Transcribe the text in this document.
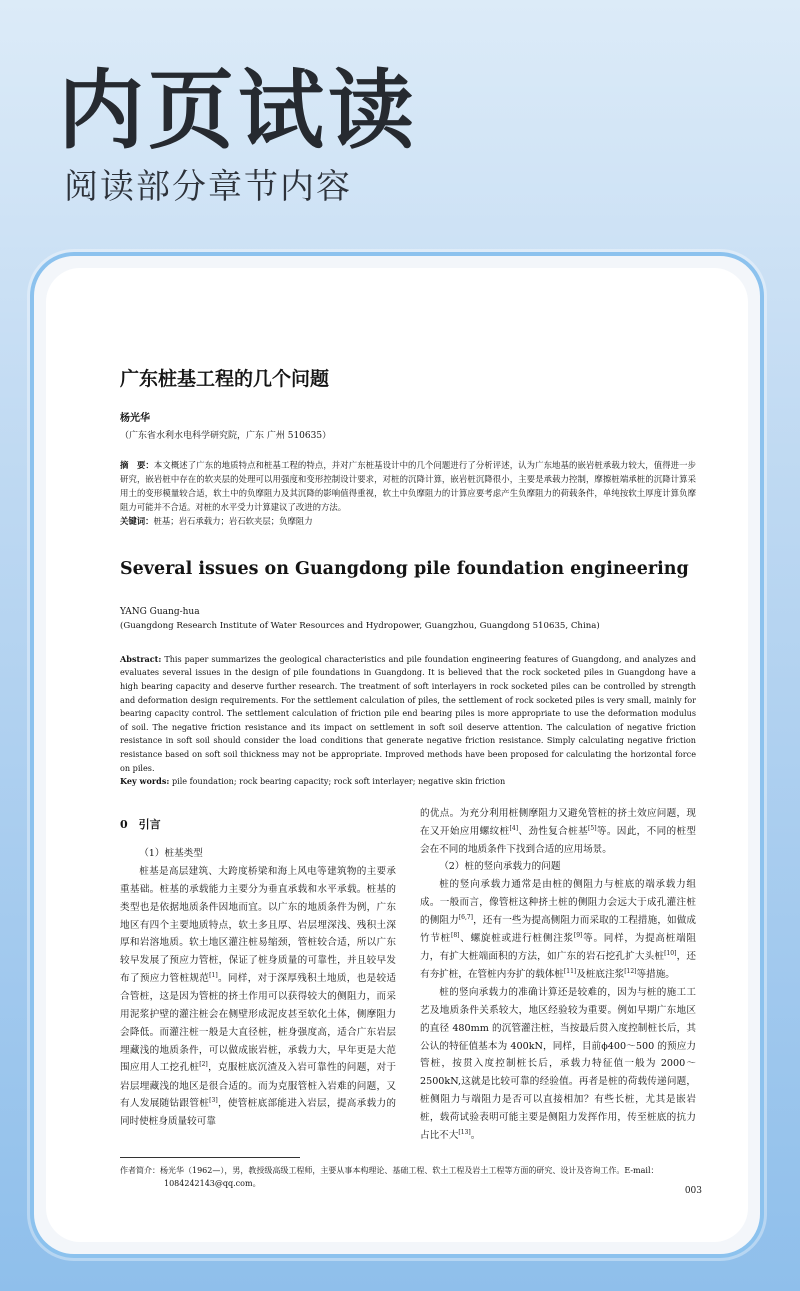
内页试读

阅读部分章节内容

广东桩基工程的几个问题

杨光华

（广东省水利水电科学研究院，广东 广州 510635）

摘　要：本文概述了广东的地质特点和桩基工程的特点，并对广东桩基设计中的几个问题进行了分析评述，认为广东地基的嵌岩桩承载力较大，值得进一步研究，嵌岩桩中存在的软夹层的处理可以用强度和变形控制设计要求，对桩的沉降计算，嵌岩桩沉降很小，主要是承载力控制，摩擦桩端承桩的沉降计算采用土的变形模量较合适，软土中的负摩阻力及其沉降的影响值得重视，软土中负摩阻力的计算应要考虑产生负摩阻力的荷载条件，单纯按软土厚度计算负摩阻力可能并不合适。对桩的水平受力计算建议了改进的方法。

关键词：桩基；岩石承载力；岩石软夹层；负摩阻力

Several issues on Guangdong pile foundation engineering

YANG Guang-hua

(Guangdong Research Institute of Water Resources and Hydropower, Guangzhou, Guangdong 510635, China)

Abstract: This paper summarizes the geological characteristics and pile foundation engineering features of Guangdong, and analyzes and evaluates several issues in the design of pile foundations in Guangdong. It is believed that the rock socketed piles in Guangdong have a high bearing capacity and deserve further research. The treatment of soft interlayers in rock socketed piles can be controlled by strength and deformation design requirements. For the settlement calculation of piles, the settlement of rock socketed piles is very small, mainly for bearing capacity control. The settlement calculation of friction pile end bearing piles is more appropriate to use the deformation modulus of soil. The negative friction resistance and its impact on settlement in soft soil deserve attention. The calculation of negative friction resistance in soft soil should consider the load conditions that generate negative friction resistance. Simply calculating negative friction resistance based on soft soil thickness may not be appropriate. Improved methods have been proposed for calculating the horizontal force on piles.

Key words: pile foundation; rock bearing capacity; rock soft interlayer; negative skin friction

0　引言

（1）桩基类型

桩基是高层建筑、大跨度桥梁和海上风电等建筑物的主要承重基础。桩基的承载能力主要分为垂直承载和水平承载。桩基的类型也是依据地质条件因地而宜。以广东的地质条件为例，广东地区有四个主要地质特点，软土多且厚、岩层埋深浅、残积土深厚和岩溶地质。软土地区灌注桩易缩颈，管桩较合适，所以广东较早发展了预应力管桩，保证了桩身质量的可靠性，并且较早发布了预应力管桩规范[1]。同样，对于深厚残积土地质，也是较适合管桩，这是因为管桩的挤土作用可以获得较大的侧阻力，而采用泥浆护壁的灌注桩会在侧壁形成泥皮甚至软化土体，侧摩阻力会降低。而灌注桩一般是大直径桩，桩身强度高，适合广东岩层埋藏浅的地质条件，可以做成嵌岩桩，承载力大，早年更是大范围应用人工挖孔桩[2]，克服桩底沉渣及入岩可靠性的问题，对于岩层埋藏浅的地区是很合适的。而为克服管桩入岩难的问题，又有人发展随钻跟管桩[3]，使管桩底部能进入岩层，提高承载力的同时使桩身质量较可靠

的优点。为充分利用桩侧摩阻力又避免管桩的挤土效应问题，现在又开始应用螺纹桩[4]、劲性复合桩基[5]等。因此，不同的桩型会在不同的地质条件下找到合适的应用场景。

（2）桩的竖向承载力的问题

桩的竖向承载力通常是由桩的侧阻力与桩底的端承载力组成。一般而言，像管桩这种挤土桩的侧阻力会远大于成孔灌注桩的侧阻力[6,7]，还有一些为提高侧阻力而采取的工程措施，如做成竹节桩[8]、螺旋桩或进行桩侧注浆[9]等。同样，为提高桩端阻力，有扩大桩端面积的方法，如广东的岩石挖孔扩大头桩[10]，还有夯扩桩，在管桩内夯扩的载体桩[11]及桩底注浆[12]等措施。

桩的竖向承载力的准确计算还是较难的，因为与桩的施工工艺及地质条件关系较大，地区经验较为重要。例如早期广东地区的直径 480mm 的沉管灌注桩，当按最后贯入度控制桩长后，其公认的特征值基本为 400kN，同样，目前ϕ400～500 的预应力管桩，按贯入度控制桩长后，承载力特征值一般为 2000～2500kN,这就是比较可靠的经验值。再者是桩的荷载传递问题，桩侧阻力与端阻力是否可以直接相加？有些长桩，尤其是嵌岩桩，载荷试验表明可能主要是侧阻力发挥作用，传至桩底的抗力占比不大[13]。

作者简介：杨光华（1962—），男，教授级高级工程师，主要从事本构理论、基础工程、软土工程及岩土工程等方面的研究、设计及咨询工作。E-mail：
1084242143@qq.com。

003
